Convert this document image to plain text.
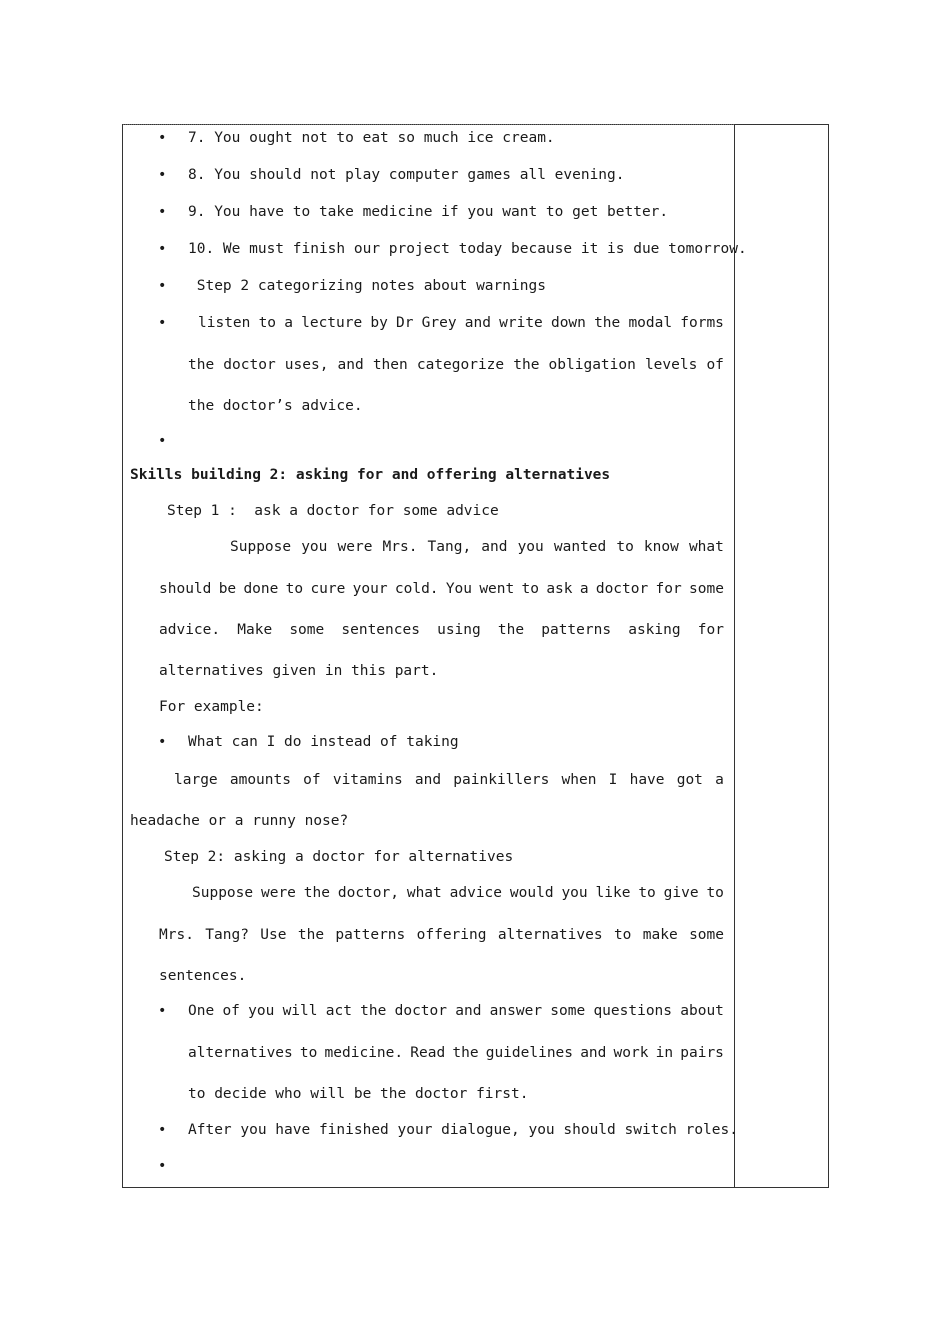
• 7. You ought not to eat so much ice cream.
• 8. You should not play computer games all evening.
• 9. You have to take medicine if you want to get better.
• 10. We must finish our project today because it is due tomorrow.
• Step 2 categorizing notes about warnings
• listen to a lecture by Dr Grey and write down the modal forms
the doctor uses, and then categorize the obligation levels of
the doctor’s advice.
•
Skills building 2: asking for and offering alternatives
Step 1 :  ask a doctor for some advice
Suppose you were Mrs. Tang, and you wanted to know what
should be done to cure your cold. You went to ask a doctor for some
advice. Make some sentences using the patterns asking for
alternatives given in this part.
For example:
• What can I do instead of taking
large amounts of vitamins and painkillers when I have got a
headache or a runny nose?
Step 2: asking a doctor for alternatives
Suppose were the doctor, what advice would you like to give to
Mrs. Tang? Use the patterns offering alternatives to make some
sentences.
• One of you will act the doctor and answer some questions about
alternatives to medicine. Read the guidelines and work in pairs
to decide who will be the doctor first.
• After you have finished your dialogue, you should switch roles.
•
